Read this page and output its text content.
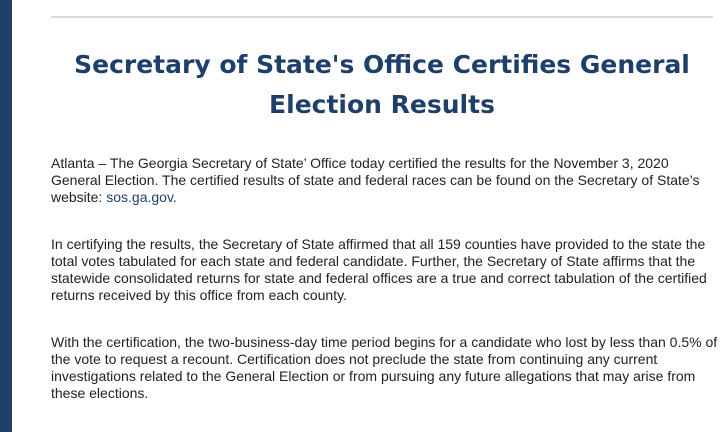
Secretary of State's Office Certifies General Election Results

Atlanta – The Georgia Secretary of State’ Office today certified the results for the November 3, 2020 General Election. The certified results of state and federal races can be found on the Secretary of State’s website: sos.ga.gov.

In certifying the results, the Secretary of State affirmed that all 159 counties have provided to the state the total votes tabulated for each state and federal candidate. Further, the Secretary of State affirms that the statewide consolidated returns for state and federal offices are a true and correct tabulation of the certified returns received by this office from each county.

With the certification, the two-business-day time period begins for a candidate who lost by less than 0.5% of the vote to request a recount. Certification does not preclude the state from continuing any current investigations related to the General Election or from pursuing any future allegations that may arise from these elections.
